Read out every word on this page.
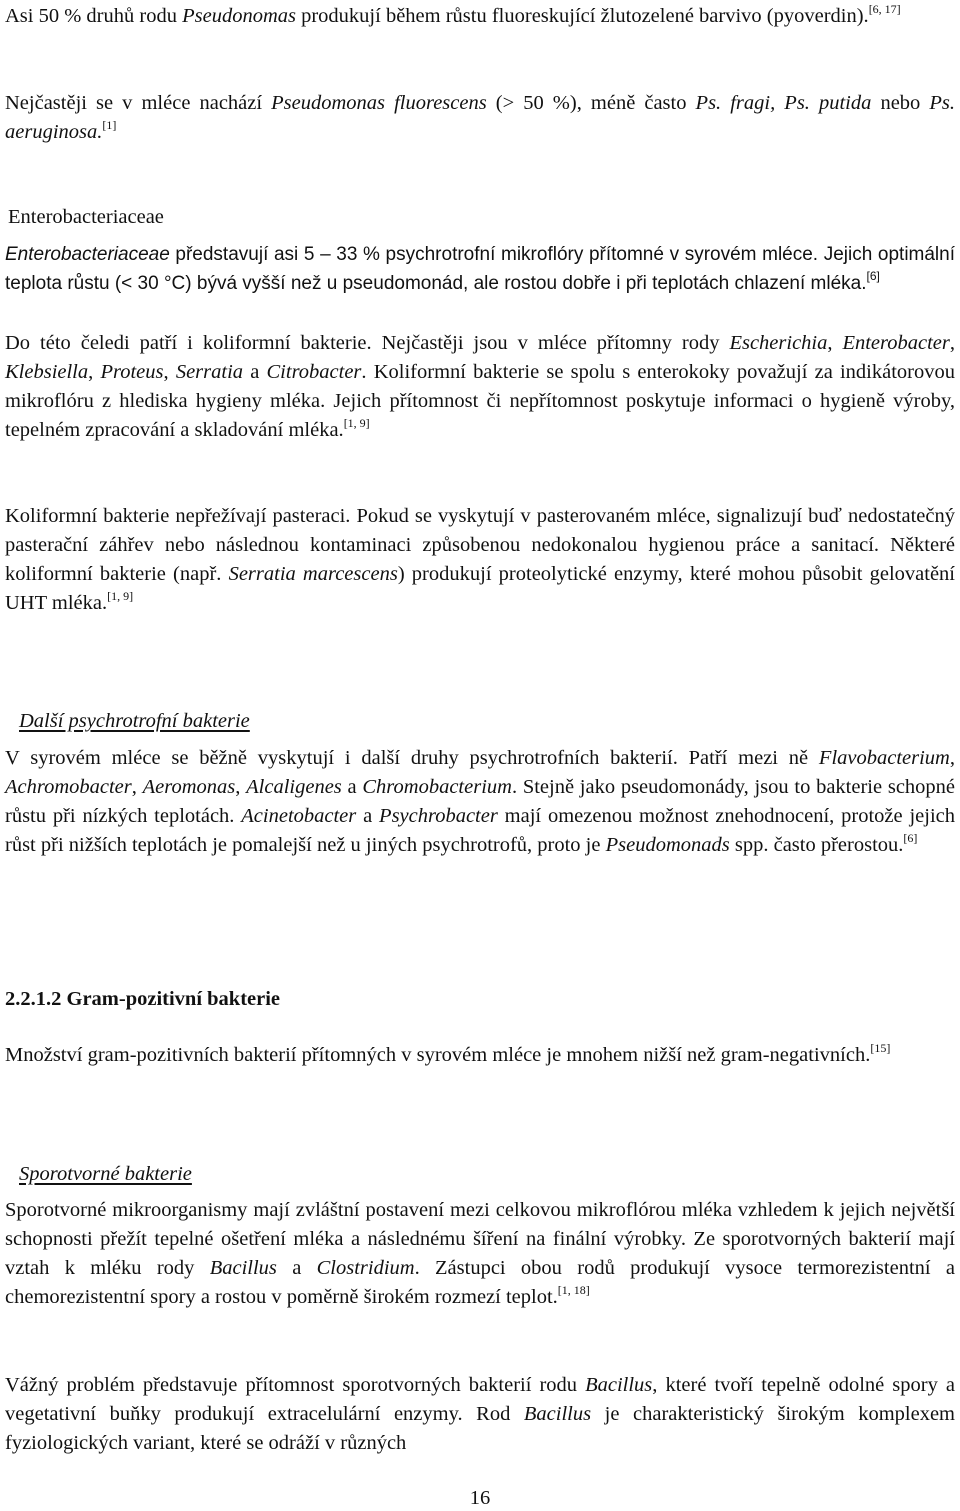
Asi 50 % druhů rodu Pseudonomas produkují během růstu fluoreskující žlutozelené barvivo (pyoverdin).[6, 17]
Nejčastěji se v mléce nachází Pseudomonas fluorescens (> 50 %), méně často Ps. fragi, Ps. putida nebo Ps. aeruginosa.[1]
Enterobacteriaceae
Enterobacteriaceae představují asi 5 – 33 % psychrotrofní mikroflóry přítomné v syrovém mléce. Jejich optimální teplota růstu (< 30 °C) bývá vyšší než u pseudomonád, ale rostou dobře i při teplotách chlazení mléka.[6]
Do této čeledi patří i koliformní bakterie. Nejčastěji jsou v mléce přítomny rody Escherichia, Enterobacter, Klebsiella, Proteus, Serratia a Citrobacter. Koliformní bakterie se spolu s enterokoky považují za indikátorovou mikroflóru z hlediska hygieny mléka. Jejich přítomnost či nepřítomnost poskytuje informaci o hygieně výroby, tepelném zpracování a skladování mléka.[1, 9]
Koliformní bakterie nepřežívají pasteraci. Pokud se vyskytují v pasterovaném mléce, signalizují buď nedostatečný pasterační záhřev nebo následnou kontaminaci způsobenou nedokonalou hygienou práce a sanitací. Některé koliformní bakterie (např. Serratia marcescens) produkují proteolytické enzymy, které mohou působit gelovatění UHT mléka.[1, 9]
Další psychrotrofní bakterie
V syrovém mléce se běžně vyskytují i další druhy psychrotrofních bakterií. Patří mezi ně Flavobacterium, Achromobacter, Aeromonas, Alcaligenes a Chromobacterium. Stejně jako pseudomonády, jsou to bakterie schopné růstu při nízkých teplotách. Acinetobacter a Psychrobacter mají omezenou možnost znehodnocení, protože jejich růst při nižších teplotách je pomalejší než u jiných psychrotrofů, proto je Pseudomonads spp. často přerostou.[6]
2.2.1.2 Gram-pozitivní bakterie
Množství gram-pozitivních bakterií přítomných v syrovém mléce je mnohem nižší než gram-negativních.[15]
Sporotvorné bakterie
Sporotvorné mikroorganismy mají zvláštní postavení mezi celkovou mikroflórou mléka vzhledem k jejich největší schopnosti přežít tepelné ošetření mléka a následnému šíření na finální výrobky. Ze sporotvorných bakterií mají vztah k mléku rody Bacillus a Clostridium. Zástupci obou rodů produkují vysoce termorezistentní a chemorezistentní spory a rostou v poměrně širokém rozmezí teplot.[1, 18]
Vážný problém představuje přítomnost sporotvorných bakterií rodu Bacillus, které tvoří tepelně odolné spory a vegetativní buňky produkují extracelulární enzymy. Rod Bacillus je charakteristický širokým komplexem fyziologických variant, které se odráží v různých
16
